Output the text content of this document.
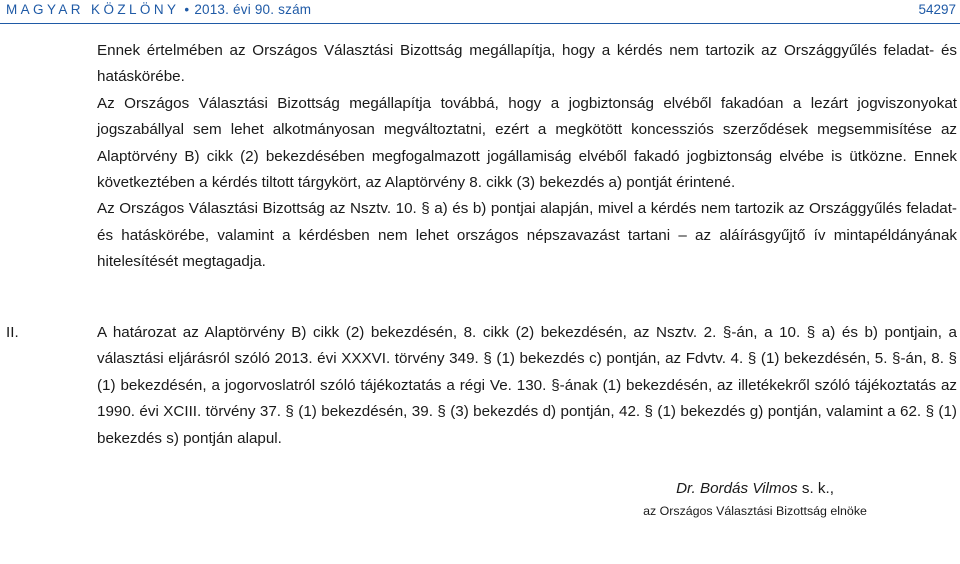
MAGYAR KÖZLÖNY • 2013. évi 90. szám	54297

Ennek értelmében az Országos Választási Bizottság megállapítja, hogy a kérdés nem tartozik az Országgyűlés feladat- és hatáskörébe.

Az Országos Választási Bizottság megállapítja továbbá, hogy a jogbiztonság elvéből fakadóan a lezárt jogviszonyokat jogszabállyal sem lehet alkotmányosan megváltoztatni, ezért a megkötött koncessziós szerződések megsemmisítése az Alaptörvény B) cikk (2) bekezdésében megfogalmazott jogállamiság elvéből fakadó jogbiztonság elvébe is ütközne. Ennek következtében a kérdés tiltott tárgykört, az Alaptörvény 8. cikk (3) bekezdés a) pontját érintené.

Az Országos Választási Bizottság az Nsztv. 10. § a) és b) pontjai alapján, mivel a kérdés nem tartozik az Országgyűlés feladat- és hatáskörébe, valamint a kérdésben nem lehet országos népszavazást tartani – az aláírásgyűjtő ív mintapéldányának hitelesítését megtagadja.

II.	A határozat az Alaptörvény B) cikk (2) bekezdésén, 8. cikk (2) bekezdésén, az Nsztv. 2. §-án, a 10. § a) és b) pontjain, a választási eljárásról szóló 2013. évi XXXVI. törvény 349. § (1) bekezdés c) pontján, az Fdvtv. 4. § (1) bekezdésén, 5. §-án, 8. § (1) bekezdésén, a jogorvoslatról szóló tájékoztatás a régi Ve. 130. §-ának (1) bekezdésén, az illetékekről szóló tájékoztatás az 1990. évi XCIII. törvény 37. § (1) bekezdésén, 39. § (3) bekezdés d) pontján, 42. § (1) bekezdés g) pontján, valamint a 62. § (1) bekezdés s) pontján alapul.
Dr. Bordás Vilmos s. k.,
az Országos Választási Bizottság elnöke
